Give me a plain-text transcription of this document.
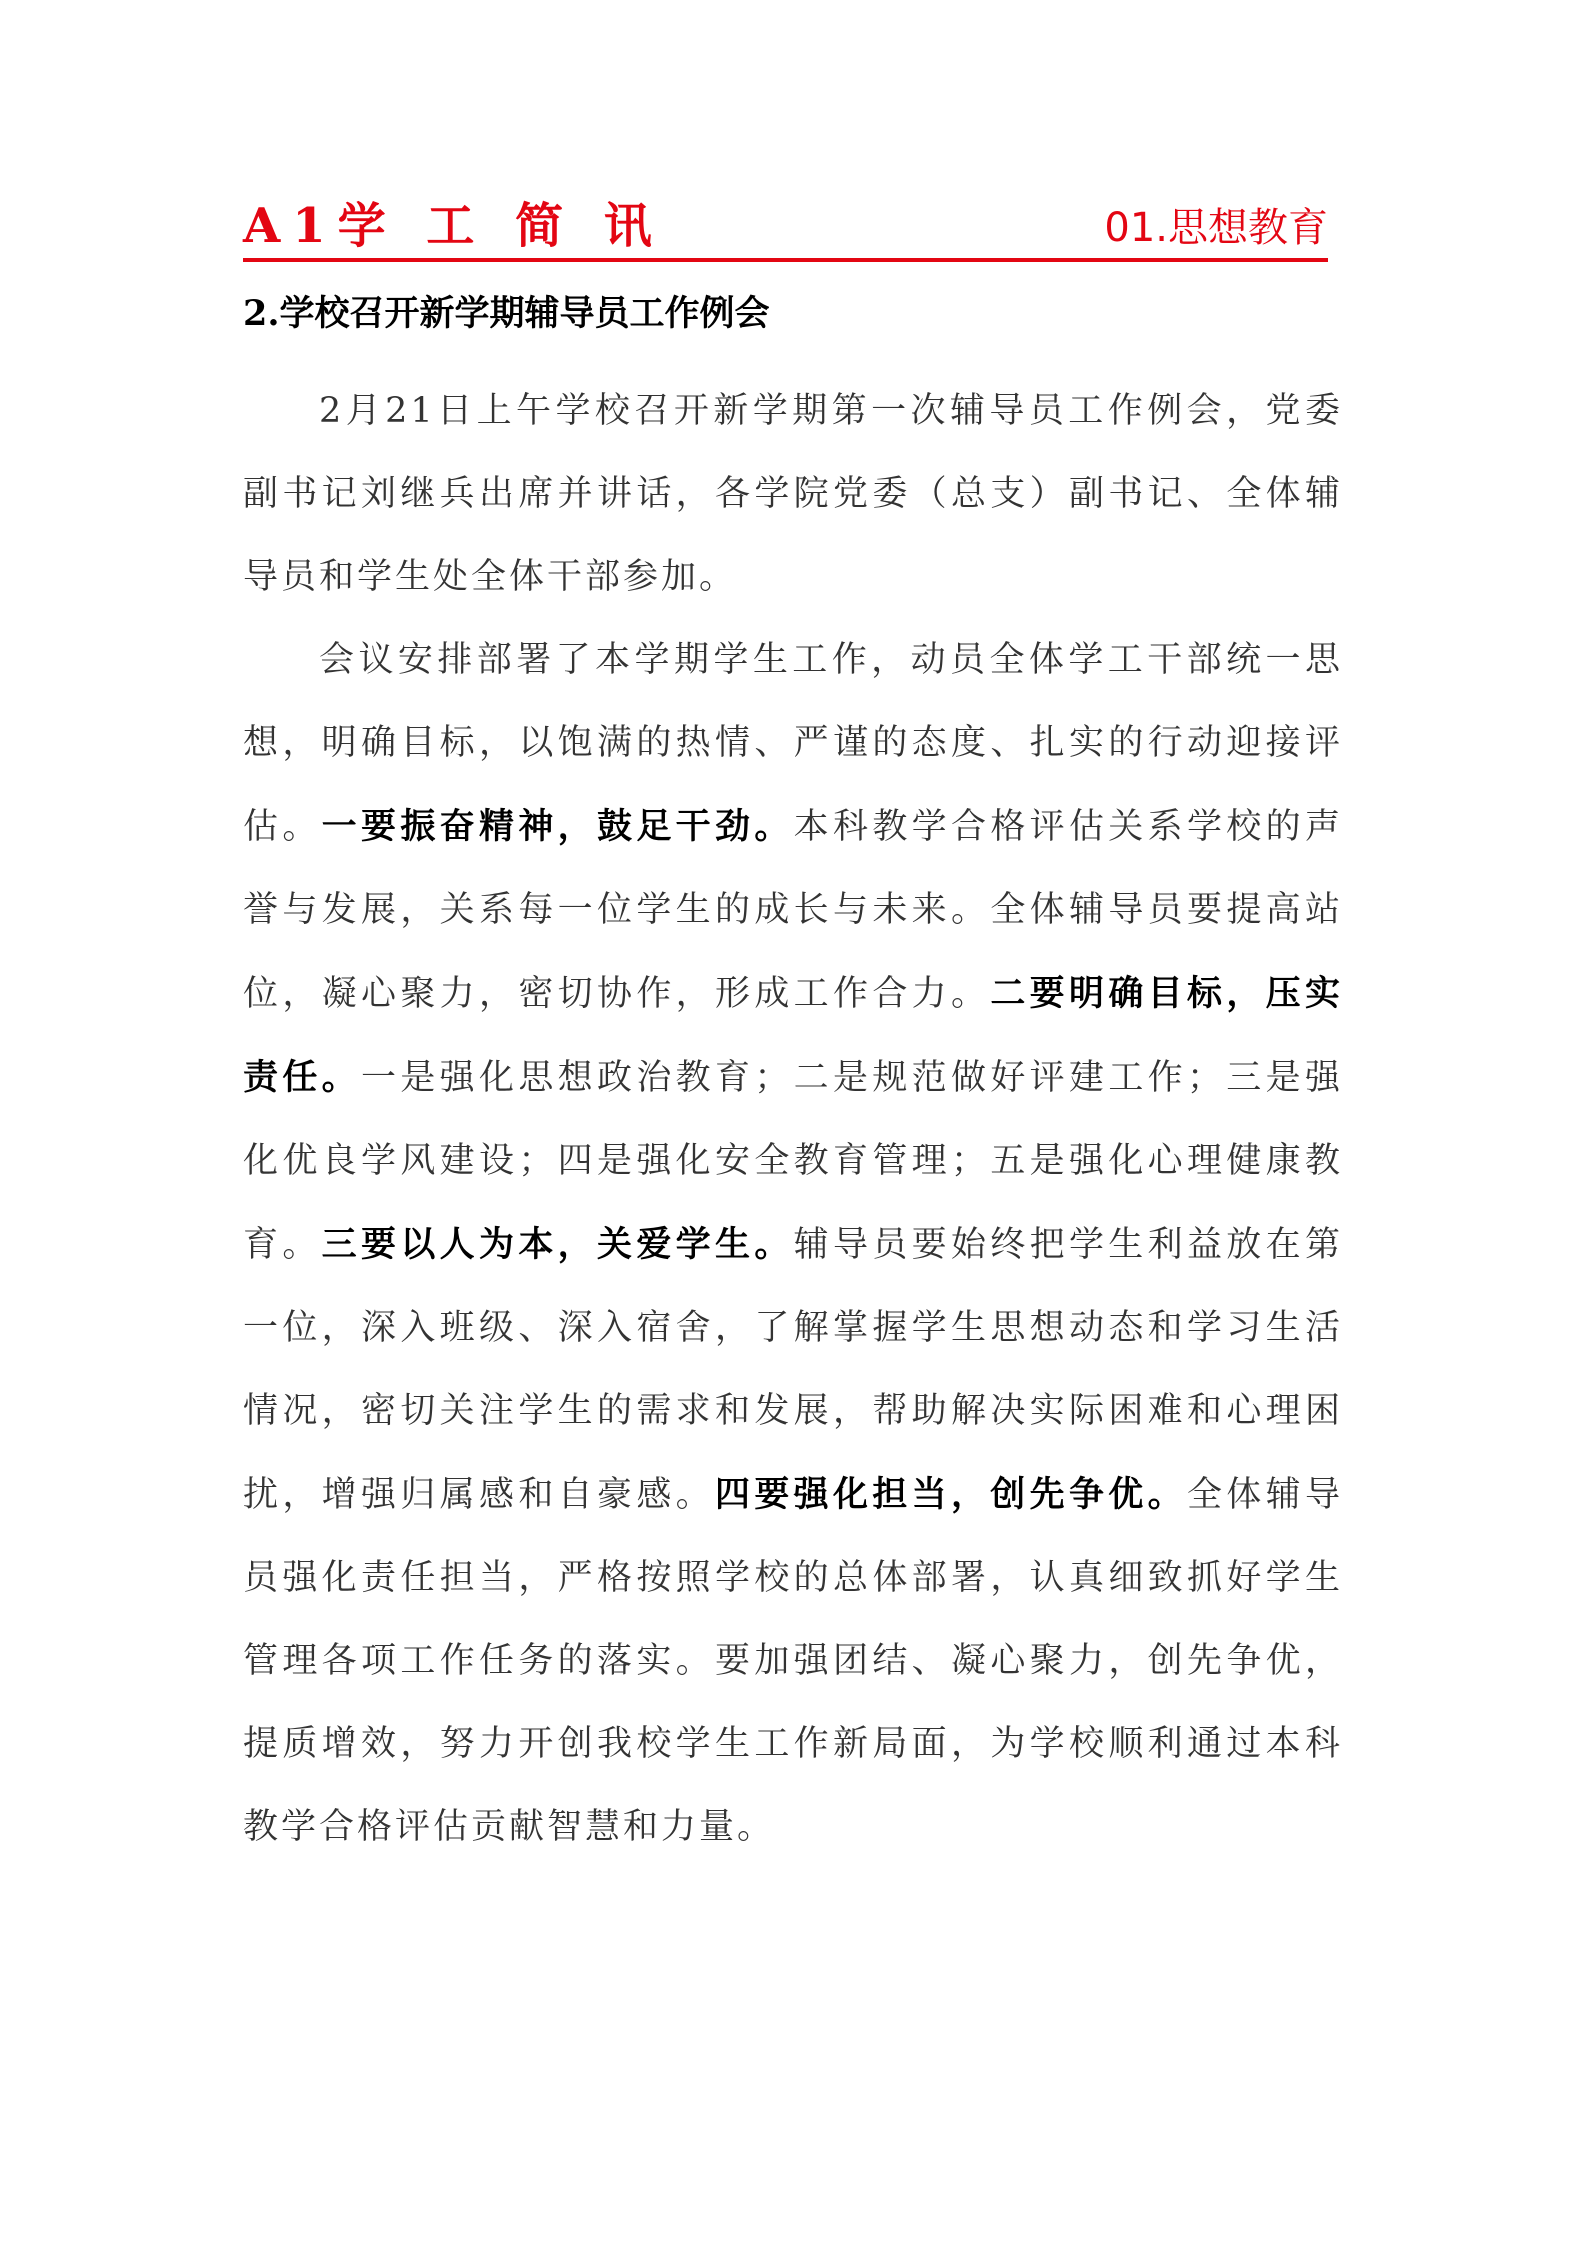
A1学 工 简 讯	01.思想教育
2.学校召开新学期辅导员工作例会

2月21日上午学校召开新学期第一次辅导员工作例会，党委副书记刘继兵出席并讲话，各学院党委（总支）副书记、全体辅导员和学生处全体干部参加。

会议安排部署了本学期学生工作，动员全体学工干部统一思想，明确目标，以饱满的热情、严谨的态度、扎实的行动迎接评估。一要振奋精神，鼓足干劲。本科教学合格评估关系学校的声誉与发展，关系每一位学生的成长与未来。全体辅导员要提高站位，凝心聚力，密切协作，形成工作合力。二要明确目标，压实责任。一是强化思想政治教育；二是规范做好评建工作；三是强化优良学风建设；四是强化安全教育管理；五是强化心理健康教育。三要以人为本，关爱学生。辅导员要始终把学生利益放在第一位，深入班级、深入宿舍，了解掌握学生思想动态和学习生活情况，密切关注学生的需求和发展，帮助解决实际困难和心理困扰，增强归属感和自豪感。四要强化担当，创先争优。全体辅导员强化责任担当，严格按照学校的总体部署，认真细致抓好学生管理各项工作任务的落实。要加强团结、凝心聚力，创先争优，提质增效，努力开创我校学生工作新局面，为学校顺利通过本科教学合格评估贡献智慧和力量。
